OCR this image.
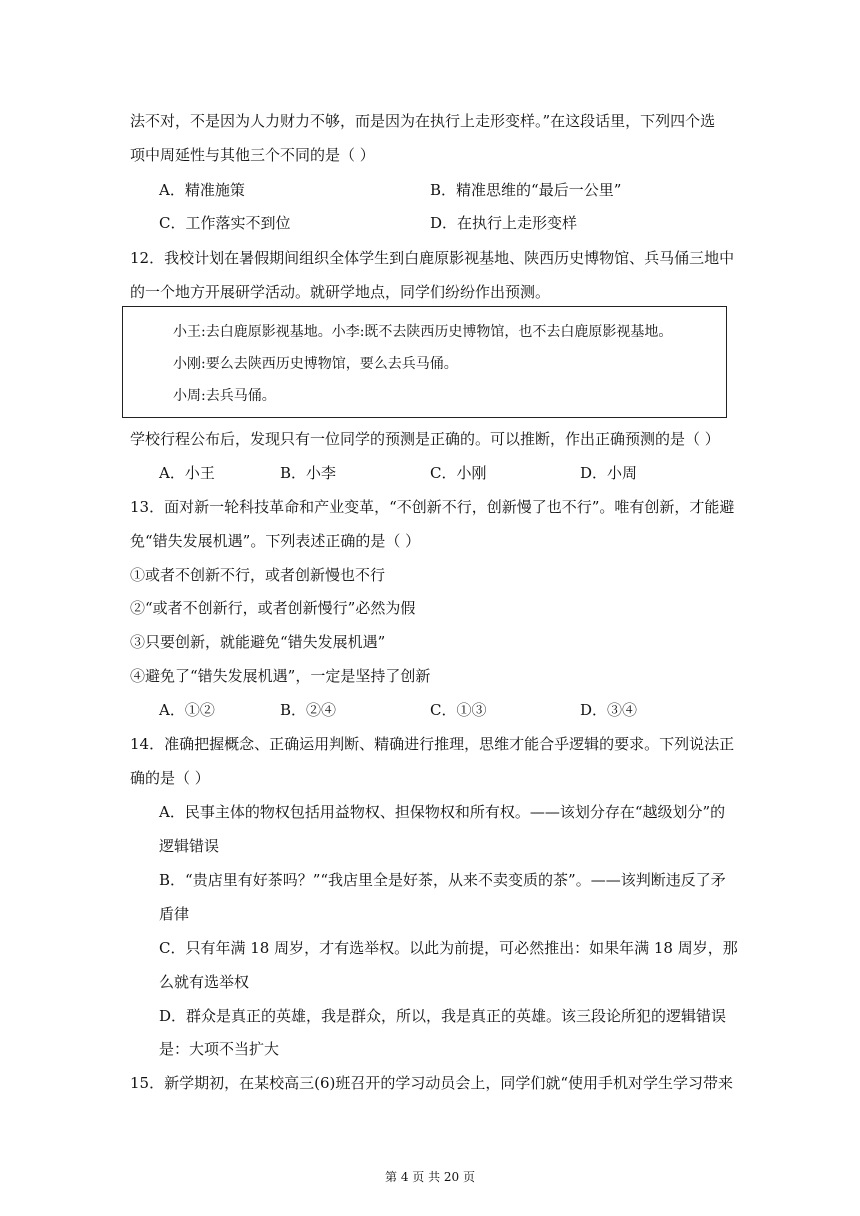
法不对，不是因为人力财力不够，而是因为在执行上走形变样。”在这段话里，下列四个选
项中周延性与其他三个不同的是（ ）
A．精准施策	B．精准思维的“最后一公里”
C．工作落实不到位	D．在执行上走形变样
12．我校计划在暑假期间组织全体学生到白鹿原影视基地、陕西历史博物馆、兵马俑三地中
的一个地方开展研学活动。就研学地点，同学们纷纷作出预测。
小王:去白鹿原影视基地。小李:既不去陕西历史博物馆，也不去白鹿原影视基地。
小刚:要么去陕西历史博物馆，要么去兵马俑。
小周:去兵马俑。
学校行程公布后，发现只有一位同学的预测是正确的。可以推断，作出正确预测的是（ ）
A．小王	B．小李	C．小刚	D．小周
13．面对新一轮科技革命和产业变革，“不创新不行，创新慢了也不行”。唯有创新，才能避
免“错失发展机遇”。下列表述正确的是（ ）
①或者不创新不行，或者创新慢也不行
②“或者不创新行，或者创新慢行”必然为假
③只要创新，就能避免“错失发展机遇”
④避免了“错失发展机遇”，一定是坚持了创新
A．①②	B．②④	C．①③	D．③④
14．准确把握概念、正确运用判断、精确进行推理，思维才能合乎逻辑的要求。下列说法正
确的是（ ）
A．民事主体的物权包括用益物权、担保物权和所有权。——该划分存在“越级划分”的
逻辑错误
B．“贵店里有好茶吗？”“我店里全是好茶，从来不卖变质的茶”。——该判断违反了矛
盾律
C．只有年满 18 周岁，才有选举权。以此为前提，可必然推出：如果年满 18 周岁，那
么就有选举权
D．群众是真正的英雄，我是群众，所以，我是真正的英雄。该三段论所犯的逻辑错误
是：大项不当扩大
15．新学期初，在某校高三(6)班召开的学习动员会上，同学们就“使用手机对学生学习带来
第 4 页 共 20 页
